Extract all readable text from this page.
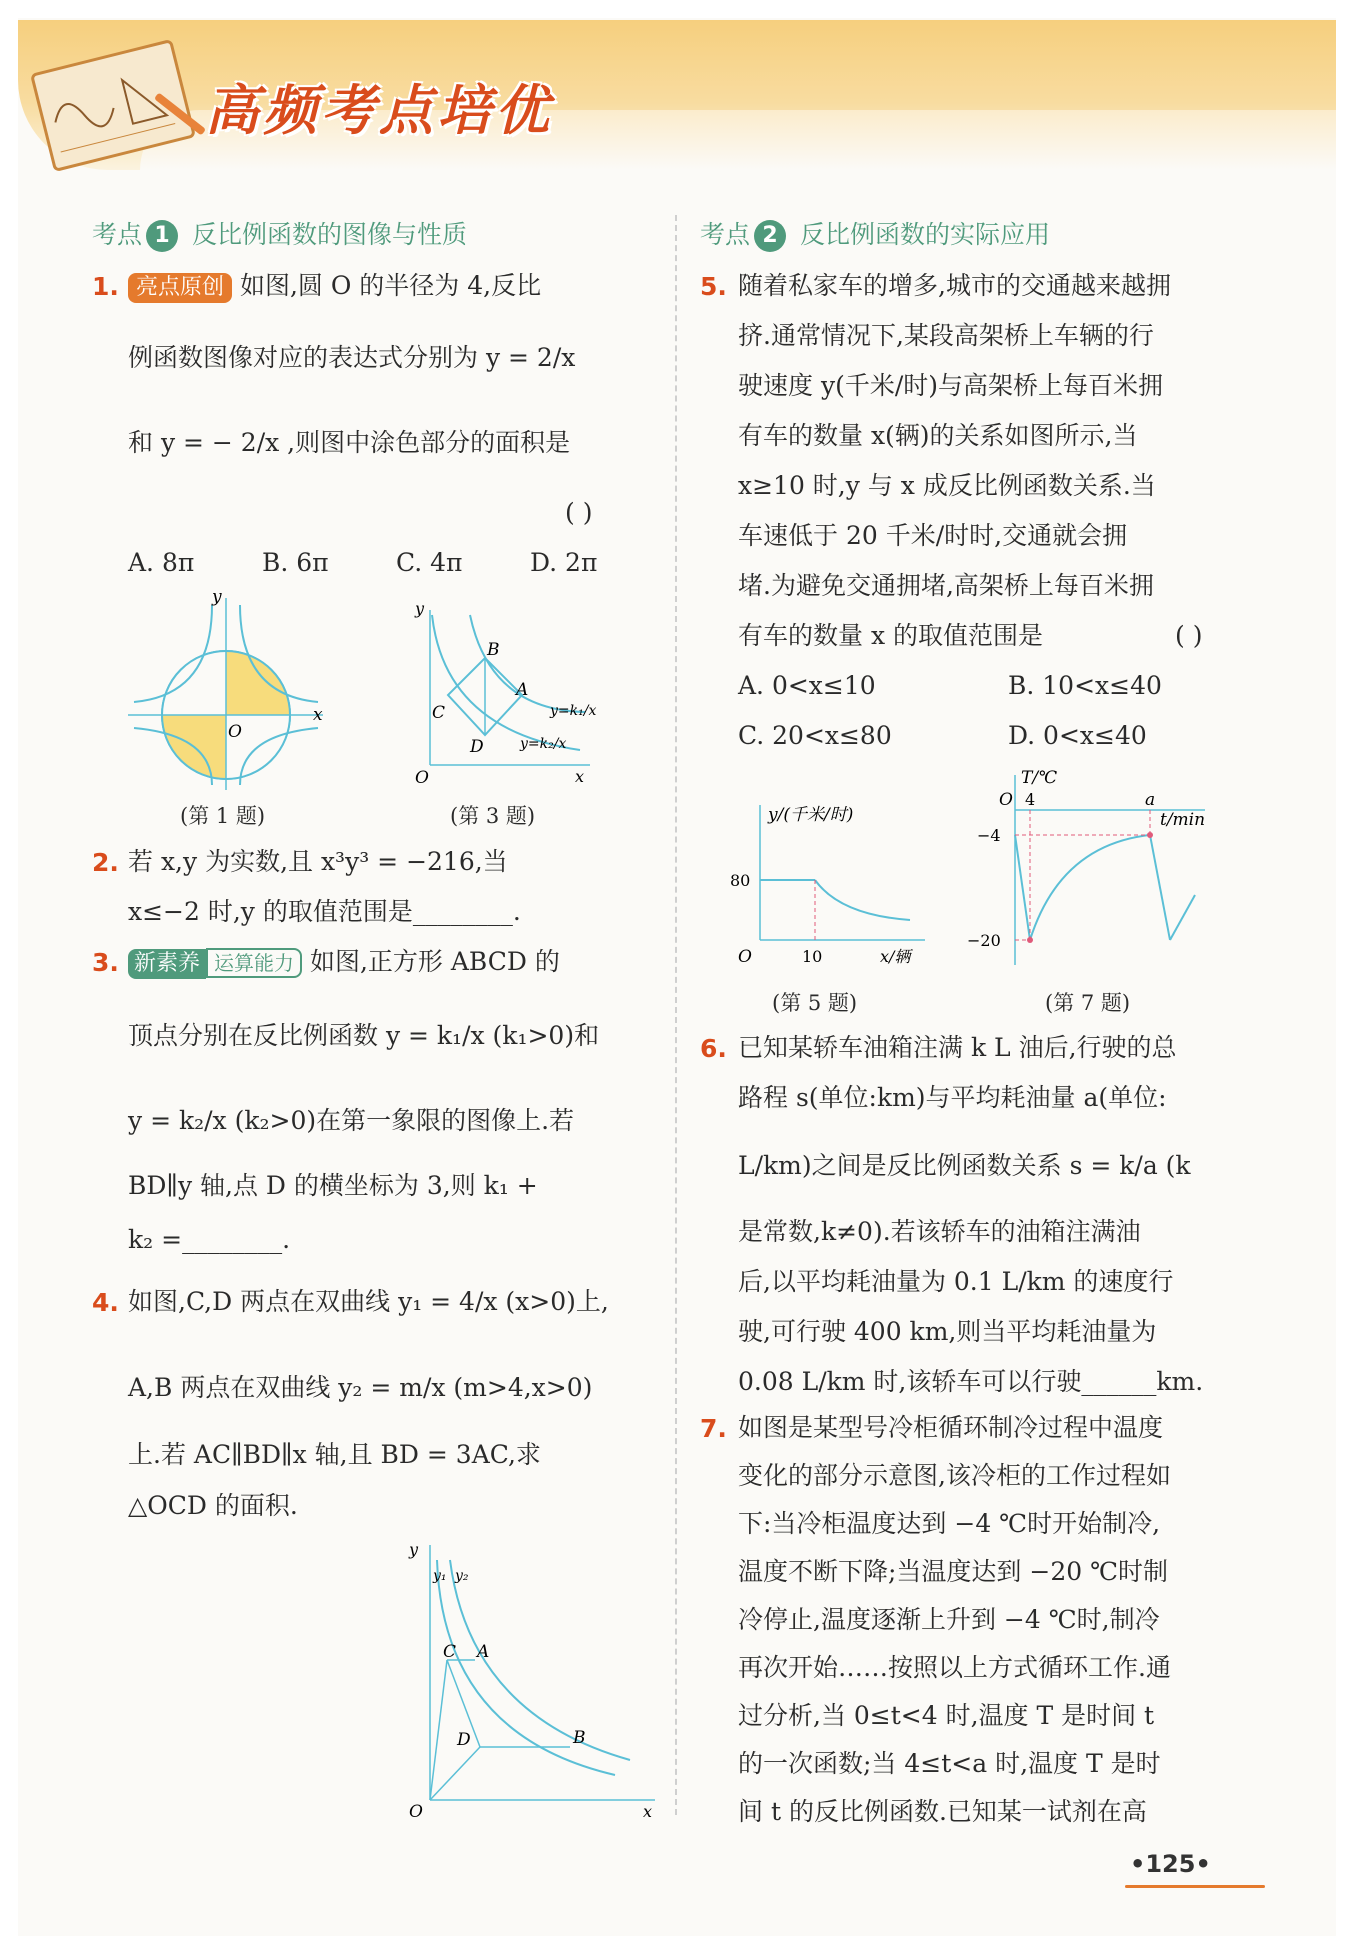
高频考点培优
考点 1 反比例函数的图像与性质	考点 2 反比例函数的实际应用
1. 亮点原创 如图,圆 O 的半径为 4,反比
例函数图像对应的表达式分别为 y = 2/x
和 y = − 2/x ,则图中涂色部分的面积是
( )
A. 8π	B. 6π	C. 4π	D. 2π
y
x
O
(第 1 题)
B
A
C
D
O	x
y
y=k₁/x
y=k₂/x
(第 3 题)
2. 若 x,y 为实数,且 x³y³ = −216,当
x≤−2 时,y 的取值范围是________.
3. 新素养 运算能力 如图,正方形 ABCD 的
顶点分别在反比例函数 y = k₁/x (k₁>0)和
y = k₂/x (k₂>0)在第一象限的图像上.若
BD∥y 轴,点 D 的横坐标为 3,则 k₁ +
k₂ =________.
4. 如图,C,D 两点在双曲线 y₁ = 4/x (x>0)上,
A,B 两点在双曲线 y₂ = m/x (m>4,x>0)
上.若 AC∥BD∥x 轴,且 BD = 3AC,求
△OCD 的面积.
C A
D	B
O	x
y
y₁ y₂
5. 随着私家车的增多,城市的交通越来越拥
挤.通常情况下,某段高架桥上车辆的行
驶速度 y(千米/时)与高架桥上每百米拥
有车的数量 x(辆)的关系如图所示,当
x≥10 时,y 与 x 成反比例函数关系.当
车速低于 20 千米/时时,交通就会拥
堵.为避免交通拥堵,高架桥上每百米拥
有车的数量 x 的取值范围是	( )
A. 0<x≤10	B. 10<x≤40
C. 20<x≤80	D. 0<x≤40
y/(千米/时)
80
O	10	x/辆
(第 5 题)
T/℃
O 4	a
t/min
−4
−20
(第 7 题)
6. 已知某轿车油箱注满 k L 油后,行驶的总
路程 s(单位:km)与平均耗油量 a(单位:
L/km)之间是反比例函数关系 s = k/a (k
是常数,k≠0).若该轿车的油箱注满油
后,以平均耗油量为 0.1 L/km 的速度行
驶,可行驶 400 km,则当平均耗油量为
0.08 L/km 时,该轿车可以行驶______km.
7. 如图是某型号冷柜循环制冷过程中温度
变化的部分示意图,该冷柜的工作过程如
下:当冷柜温度达到 −4 ℃时开始制冷,
温度不断下降;当温度达到 −20 ℃时制
冷停止,温度逐渐上升到 −4 ℃时,制冷
再次开始……按照以上方式循环工作.通
过分析,当 0≤t<4 时,温度 T 是时间 t
的一次函数;当 4≤t<a 时,温度 T 是时
间 t 的反比例函数.已知某一试剂在高
•125•
